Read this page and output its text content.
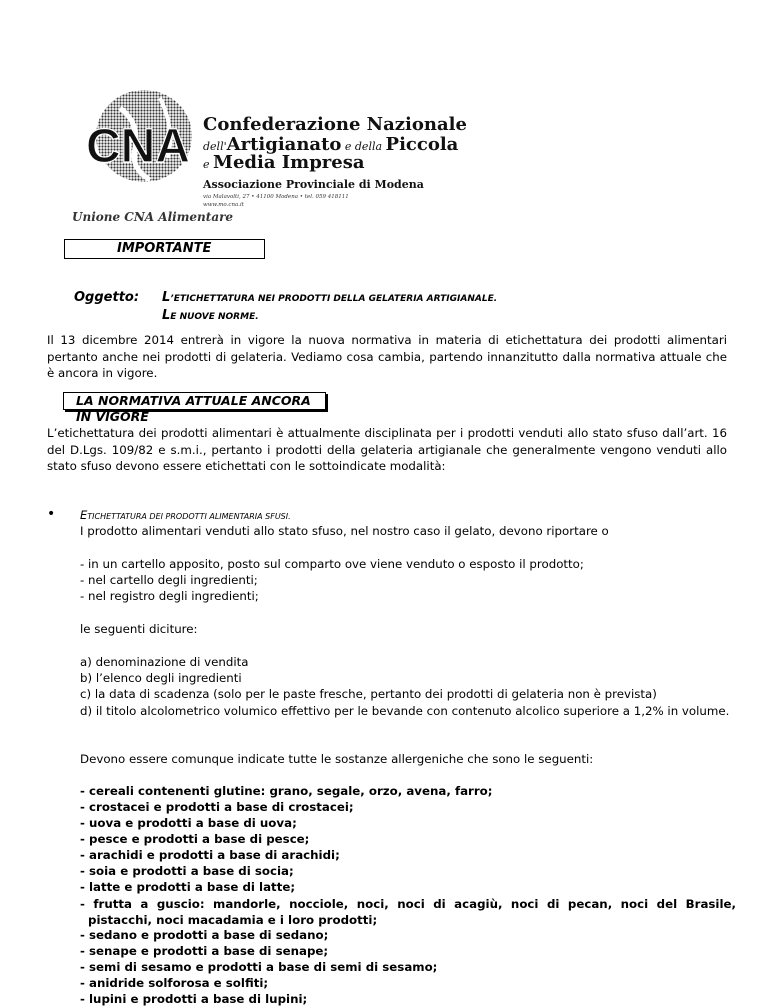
CNA Confederazione Nazionale
dell'Artigianato e della Piccola
e Media Impresa
Associazione Provinciale di Modena
via Malavolti, 27 • 41100 Modena • tel. 059 418111
www.mo.cna.it
Unione CNA Alimentare
IMPORTANTE
Oggetto: L’ETICHETTATURA NEI PRODOTTI DELLA GELATERIA ARTIGIANALE.
LE NUOVE NORME.
Il 13 dicembre 2014 entrerà in vigore la nuova normativa in materia di etichettatura dei prodotti alimentari pertanto anche nei prodotti di gelateria. Vediamo cosa cambia, partendo innanzitutto dalla normativa attuale che è ancora in vigore.
LA NORMATIVA ATTUALE ANCORA IN VIGORE
L’etichettatura dei prodotti alimentari è attualmente disciplinata per i prodotti venduti allo stato sfuso dall’art. 16 del D.Lgs. 109/82 e s.m.i., pertanto i prodotti della gelateria artigianale che generalmente vengono venduti allo stato sfuso devono essere etichettati con le sottoindicate modalità:
• ETICHETTATURA DEI PRODOTTI ALIMENTARIA SFUSI.
I prodotto alimentari venduti allo stato sfuso, nel nostro caso il gelato, devono riportare o
- in un cartello apposito, posto sul comparto ove viene venduto o esposto il prodotto;
- nel cartello degli ingredienti;
- nel registro degli ingredienti;
le seguenti diciture:
a) denominazione di vendita
b) l’elenco degli ingredienti
c) la data di scadenza (solo per le paste fresche, pertanto dei prodotti di gelateria non è prevista)
d) il titolo alcolometrico volumico effettivo per le bevande con contenuto alcolico superiore a 1,2% in volume.
Devono essere comunque indicate tutte le sostanze allergeniche che sono le seguenti:
- cereali contenenti glutine: grano, segale, orzo, avena, farro;
- crostacei e prodotti a base di crostacei;
- uova e prodotti a base di uova;
- pesce e prodotti a base di pesce;
- arachidi e prodotti a base di arachidi;
- soia e prodotti a base di socia;
- latte e prodotti a base di latte;
- frutta a guscio: mandorle, nocciole, noci, noci di acagiù, noci di pecan, noci del Brasile, pistacchi, noci macadamia e i loro prodotti;
- sedano e prodotti a base di sedano;
- senape e prodotti a base di senape;
- semi di sesamo e prodotti a base di semi di sesamo;
- anidride solforosa e solfiti;
- lupini e prodotti a base di lupini;
